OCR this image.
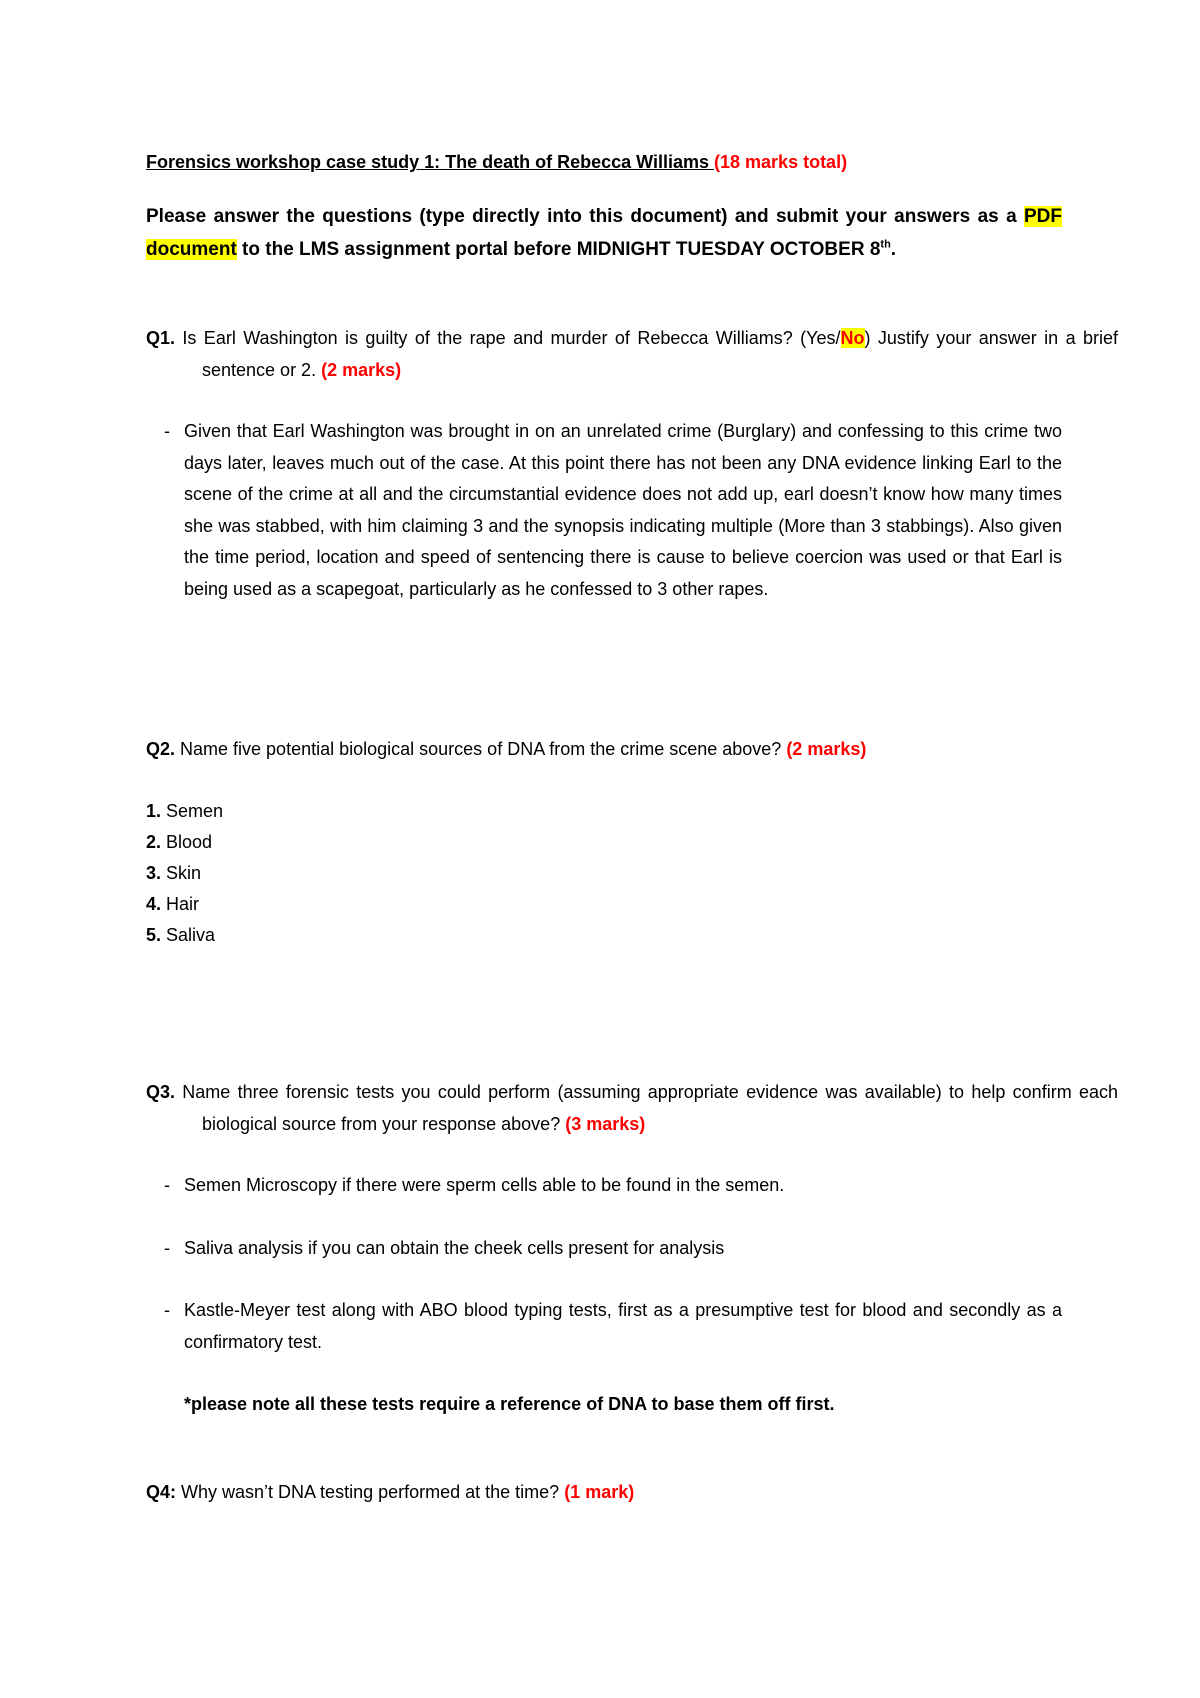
Forensics workshop case study 1: The death of Rebecca Williams (18 marks total)
Please answer the questions (type directly into this document) and submit your answers as a PDF document to the LMS assignment portal before MIDNIGHT TUESDAY OCTOBER 8th.
Q1. Is Earl Washington is guilty of the rape and murder of Rebecca Williams? (Yes/No) Justify your answer in a brief sentence or 2. (2 marks)
- Given that Earl Washington was brought in on an unrelated crime (Burglary) and confessing to this crime two days later, leaves much out of the case. At this point there has not been any DNA evidence linking Earl to the scene of the crime at all and the circumstantial evidence does not add up, earl doesn’t know how many times she was stabbed, with him claiming 3 and the synopsis indicating multiple (More than 3 stabbings). Also given the time period, location and speed of sentencing there is cause to believe coercion was used or that Earl is being used as a scapegoat, particularly as he confessed to 3 other rapes.
Q2. Name five potential biological sources of DNA from the crime scene above? (2 marks)
1. Semen
2. Blood
3. Skin
4. Hair
5. Saliva
Q3. Name three forensic tests you could perform (assuming appropriate evidence was available) to help confirm each biological source from your response above? (3 marks)
- Semen Microscopy if there were sperm cells able to be found in the semen.
- Saliva analysis if you can obtain the cheek cells present for analysis
- Kastle-Meyer test along with ABO blood typing tests, first as a presumptive test for blood and secondly as a confirmatory test.
*please note all these tests require a reference of DNA to base them off first.
Q4: Why wasn’t DNA testing performed at the time? (1 mark)
